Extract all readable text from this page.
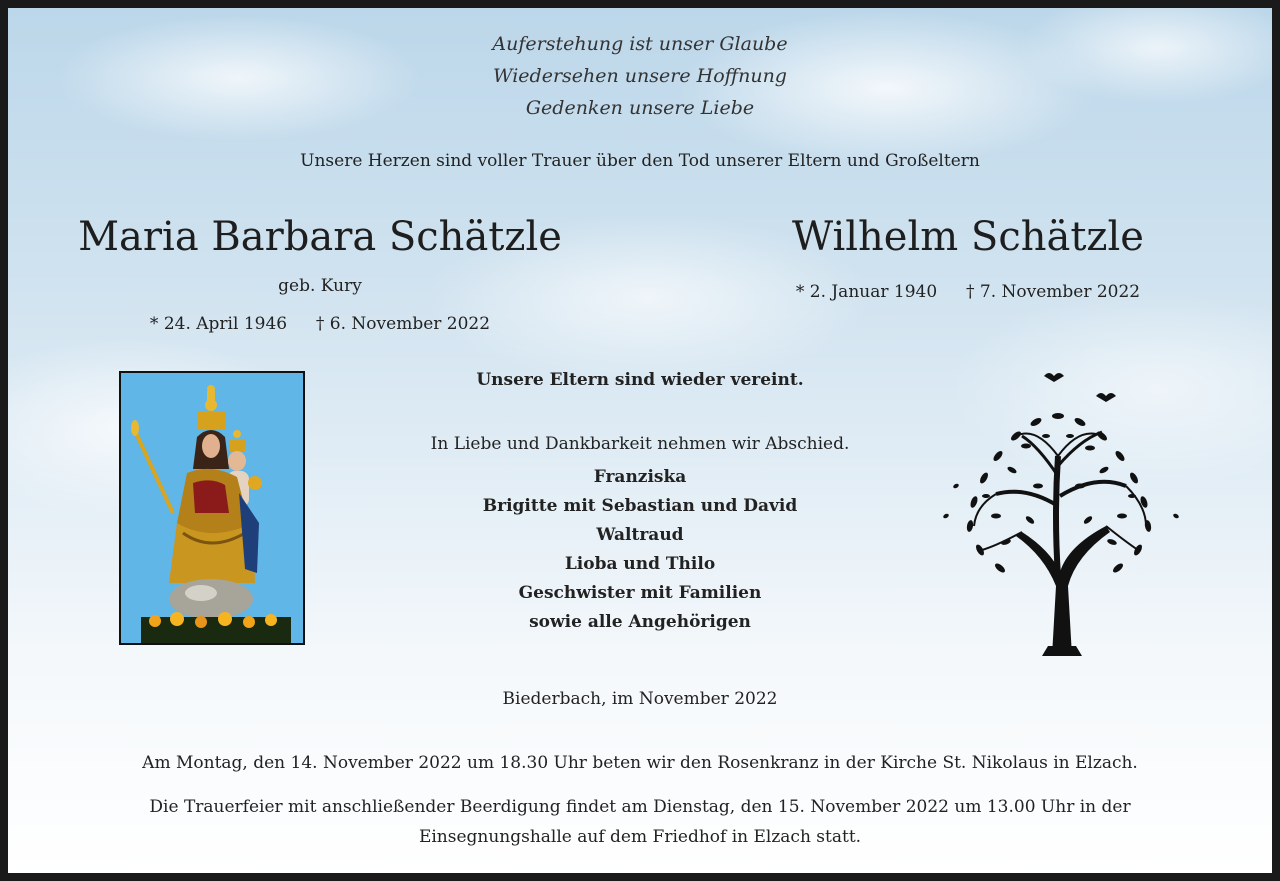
Auferstehung ist unser Glaube
Wiedersehen unsere Hoffnung
Gedenken unsere Liebe
Unsere Herzen sind voller Trauer über den Tod unserer Eltern und Großeltern
Maria Barbara Schätzle
geb. Kury
* 24. April 1946 † 6. November 2022
Wilhelm Schätzle
* 2. Januar 1940 † 7. November 2022
Unsere Eltern sind wieder vereint.
In Liebe und Dankbarkeit nehmen wir Abschied.
Franziska
Brigitte mit Sebastian und David
Waltraud
Lioba und Thilo
Geschwister mit Familien
sowie alle Angehörigen
Biederbach, im November 2022
Am Montag, den 14. November 2022 um 18.30 Uhr beten wir den Rosenkranz in der Kirche St. Nikolaus in Elzach.
Die Trauerfeier mit anschließender Beerdigung findet am Dienstag, den 15. November 2022 um 13.00 Uhr in der
Einsegnungshalle auf dem Friedhof in Elzach statt.
